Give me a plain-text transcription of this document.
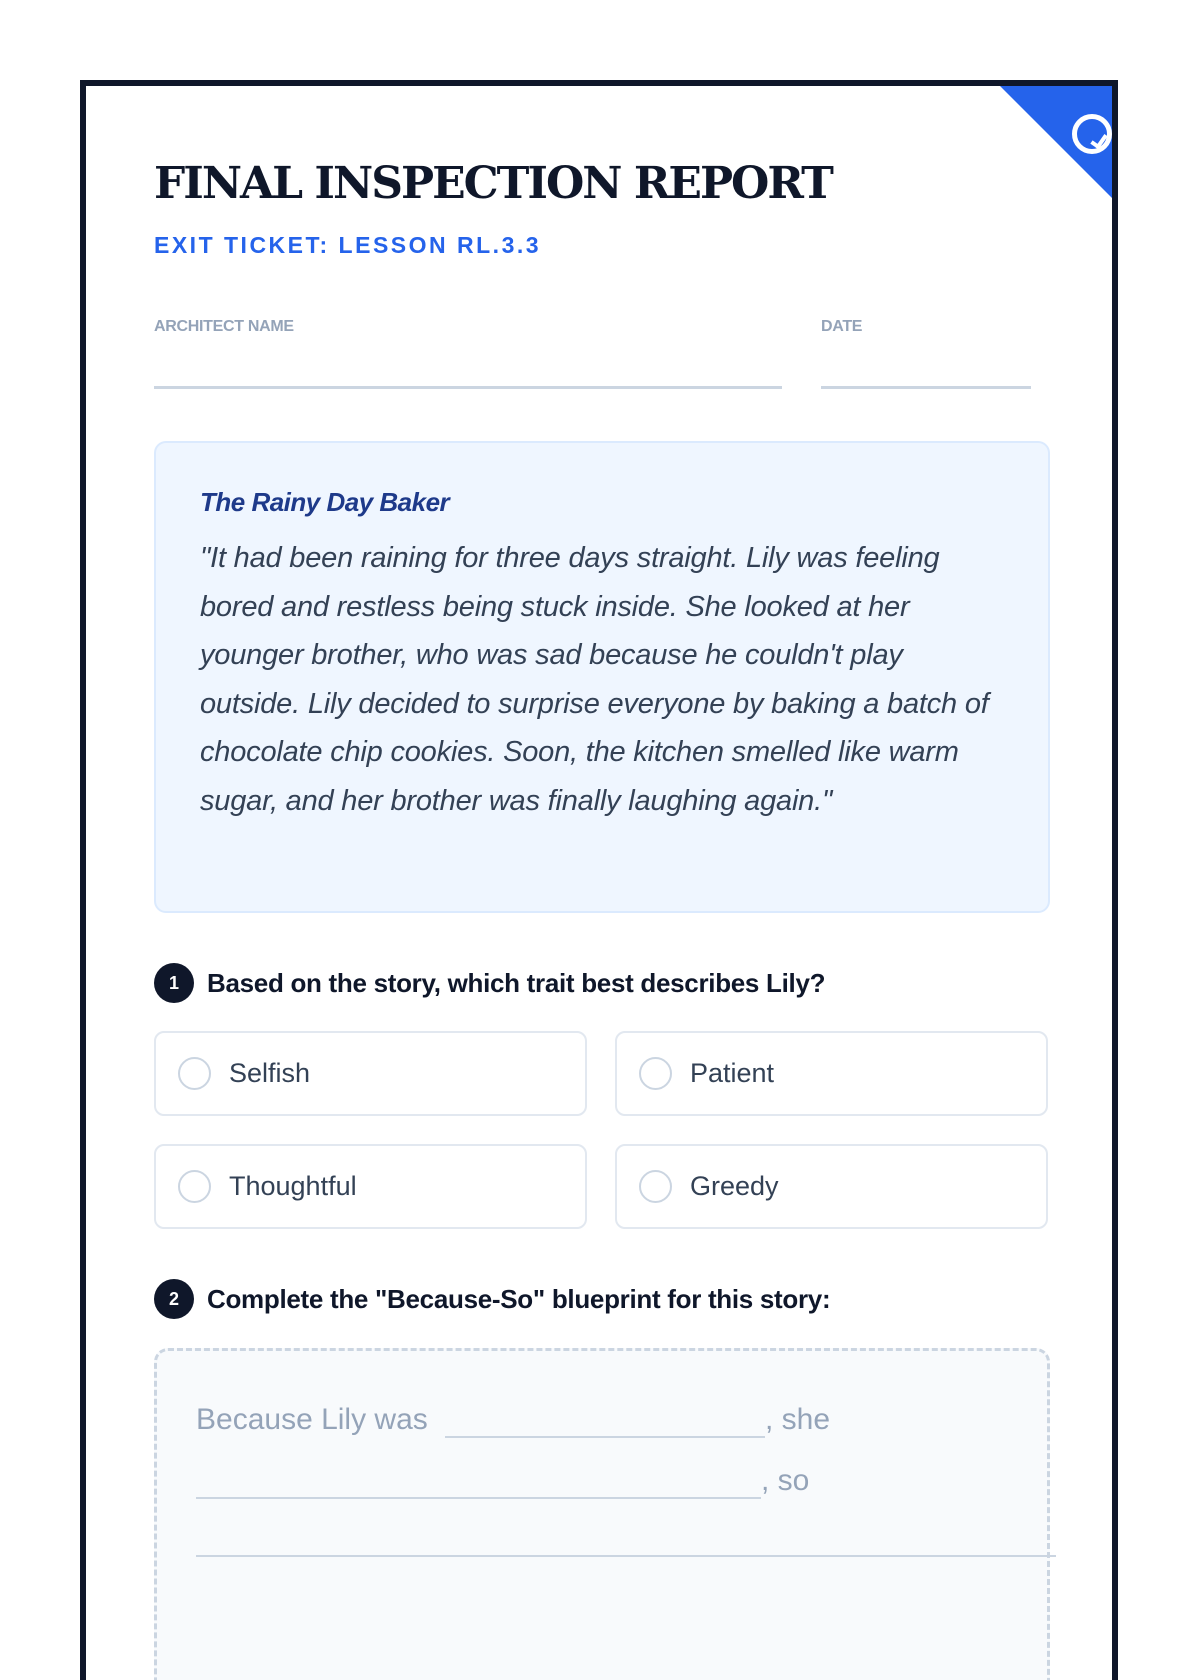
FINAL INSPECTION REPORT
EXIT TICKET: LESSON RL.3.3
ARCHITECT NAME	DATE

The Rainy Day Baker

"It had been raining for three days straight. Lily was feeling bored and restless being stuck inside. She looked at her younger brother, who was sad because he couldn't play outside. Lily decided to surprise everyone by baking a batch of chocolate chip cookies. Soon, the kitchen smelled like warm sugar, and her brother was finally laughing again."

1	Based on the story, which trait best describes Lily?
Selfish	Patient
Thoughtful	Greedy
2	Complete the "Because-So" blueprint for this story:
Because Lily was	, she
, so
